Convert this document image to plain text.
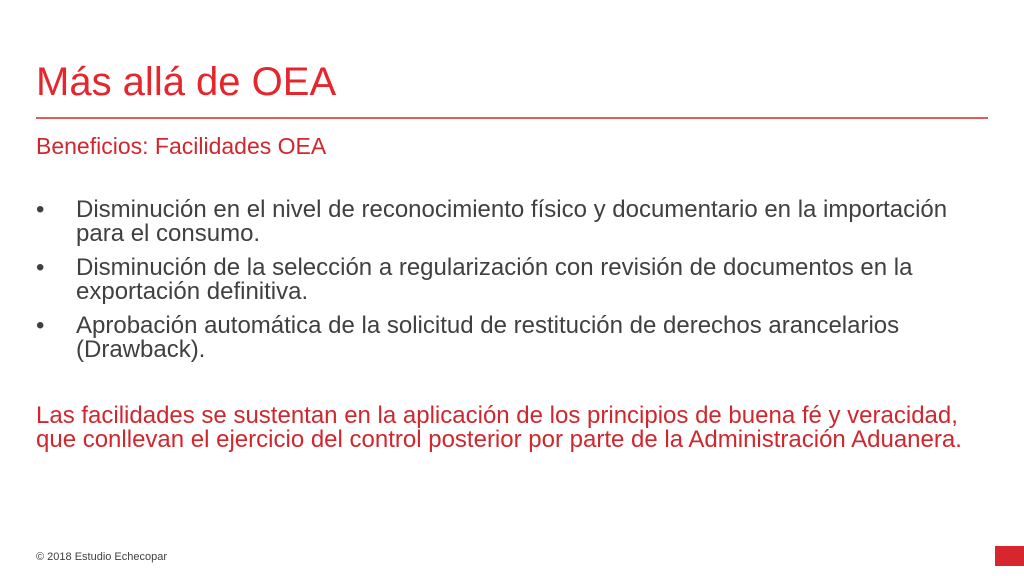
Más allá de OEA
Beneficios: Facilidades OEA
•	Disminución en el nivel de reconocimiento físico y documentario en la importación para el consumo.
•	Disminución de la selección a regularización con revisión de documentos en la exportación definitiva.
•	Aprobación automática de la solicitud de restitución de derechos arancelarios (Drawback).

Las facilidades se sustentan en la aplicación de los principios de buena fé y veracidad, que conllevan el ejercicio del control posterior por parte de la Administración Aduanera.

© 2018 Estudio Echecopar
